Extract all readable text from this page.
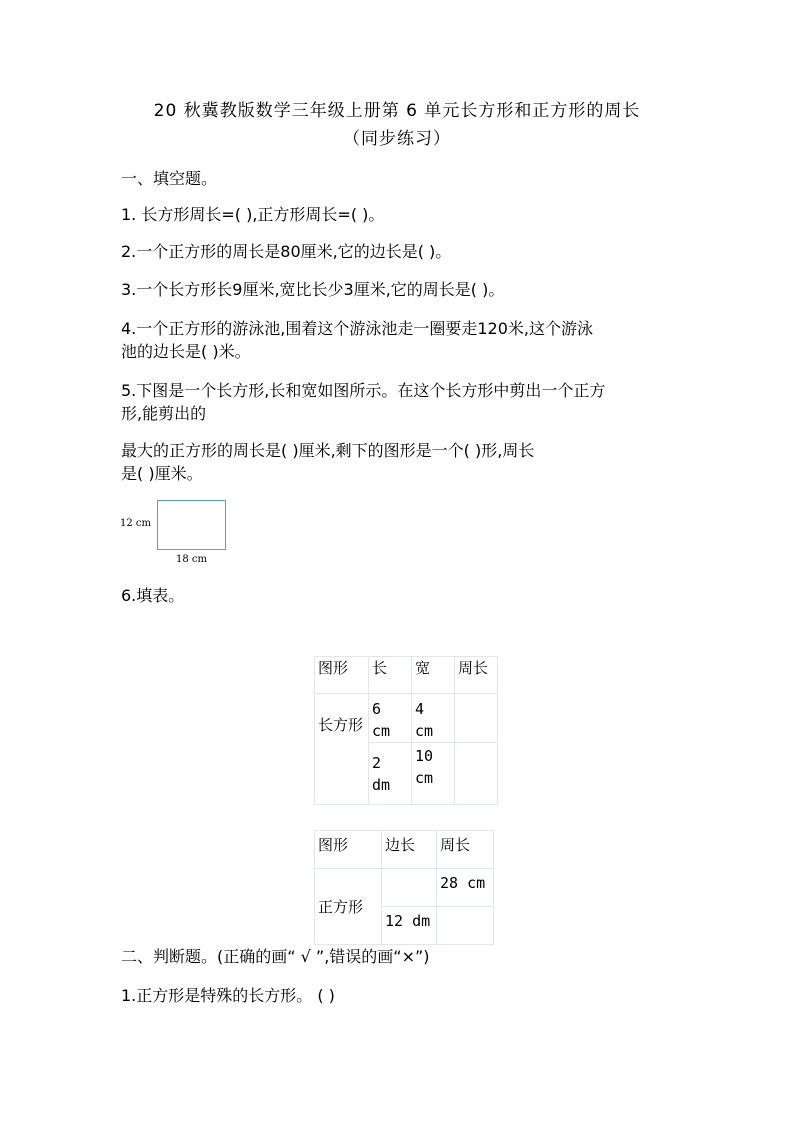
20 秋冀教版数学三年级上册第 6 单元长方形和正方形的周长
（同步练习）
一、填空题。
1. 长方形周长=( ),正方形周长=( )。
2.一个正方形的周长是80厘米,它的边长是( )。
3.一个长方形长9厘米,宽比长少3厘米,它的周长是( )。
4.一个正方形的游泳池,围着这个游泳池走一圈要走120米,这个游泳
池的边长是( )米。
5.下图是一个长方形,长和宽如图所示。在这个长方形中剪出一个正方
形,能剪出的
最大的正方形的周长是( )厘米,剩下的图形是一个( )形,周长
是( )厘米。
12 cm
18 cm
6.填表。
图形	长	宽	周长
长方形	6 cm	4 cm	
	2 dm	10 cm	
图形	边长	周长
正方形		28 cm
	12 dm	
二、判断题。(正确的画“ √ ”,错误的画“×”)
1.正方形是特殊的长方形。 ( )
